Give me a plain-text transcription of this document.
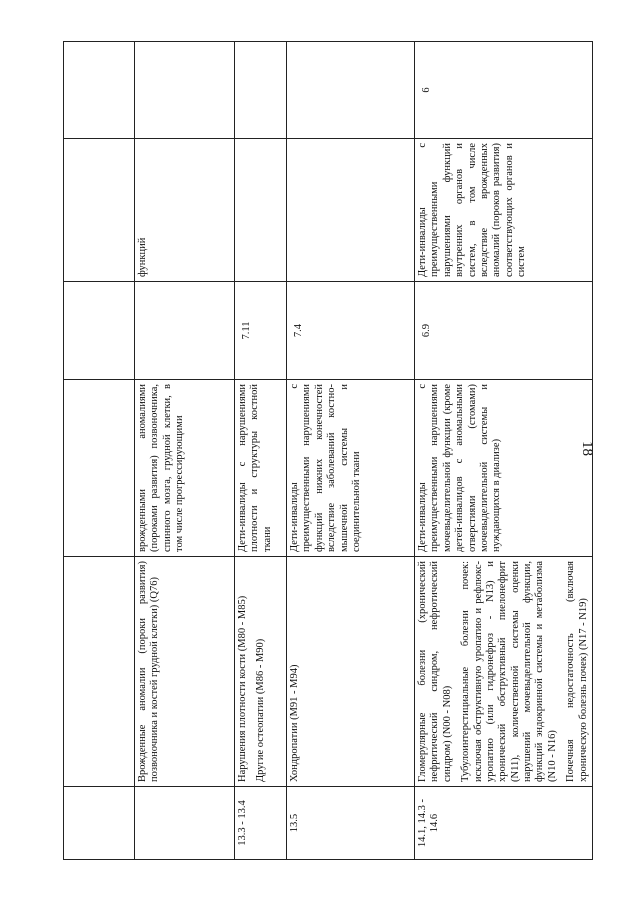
18

	Врожденные аномалии (пороки развития) позвоночника и костей грудной клетки) (Q76)	врожденными аномалиями (пороками развития) позвоночника, спинного мозга, грудной клетки, в том числе прогрессирующими		функций	
13.3 - 13.4	Нарушения плотности кости (M80 - M85) Другие остеопатии (M86 - M90)	Дети-инвалиды с нарушениями плотности и структуры костной ткани	7.11		
13.5	Хондропатии (M91 - M94)	Дети-инвалиды с преимущественными нарушениями функций нижних конечностей вследствие заболеваний костно-мышечной системы и соединительной ткани	7.4		
14.1, 14.3 - 14.6	Гломерулярные болезни (хронический нефритический синдром, нефротический синдром) (N00 - N08) Тубулоинтерстициальные болезни почек: исключая обструктивную уропатию и рефлюкс-уропатию (или гидронефроз - N13) и хронический обструктивный пиелонефрит (N11), количественной системы оценки нарушений мочевыделительной функции, функций эндокринной системы и метаболизма (N10 - N16) Почечная недостаточность (включая хроническую болезнь почек) (N17 - N19)	Дети-инвалиды с преимущественными нарушениями мочевыделительной функции (кроме детей-инвалидов с аномальными отверстиями (стомами) мочевыделительной системы и нуждающихся в диализе)	6.9	Дети-инвалиды с преимущественными нарушениями функций внутренних органов и систем, в том числе вследствие врожденных аномалий (пороков развития) соответствующих органов и систем	6
